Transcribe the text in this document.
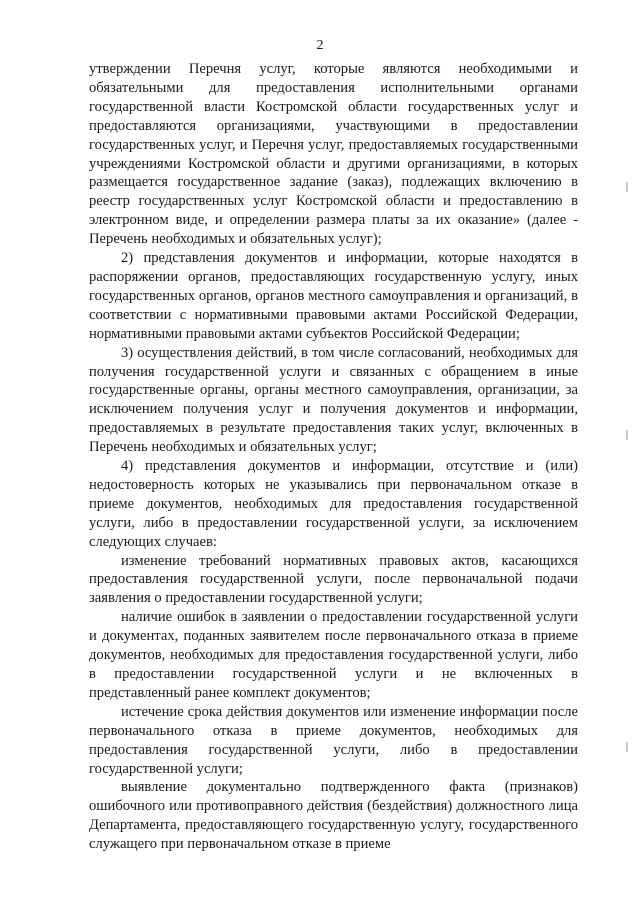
2

утверждении Перечня услуг, которые являются необходимыми и обязательными для предоставления исполнительными органами государственной власти Костромской области государственных услуг и предоставляются организациями, участвующими в предоставлении государственных услуг, и Перечня услуг, предоставляемых государственными учреждениями Костромской области и другими организациями, в которых размещается государственное задание (заказ), подлежащих включению в реестр государственных услуг Костромской области и предоставлению в электронном виде, и определении размера платы за их оказание» (далее - Перечень необходимых и обязательных услуг);

2) представления документов и информации, которые находятся в распоряжении органов, предоставляющих государственную услугу, иных государственных органов, органов местного самоуправления и организаций, в соответствии с нормативными правовыми актами Российской Федерации, нормативными правовыми актами субъектов Российской Федерации;

3) осуществления действий, в том числе согласований, необходимых для получения государственной услуги и связанных с обращением в иные государственные органы, органы местного самоуправления, организации, за исключением получения услуг и получения документов и информации, предоставляемых в результате предоставления таких услуг, включенных в Перечень необходимых и обязательных услуг;

4) представления документов и информации, отсутствие и (или) недостоверность которых не указывались при первоначальном отказе в приеме документов, необходимых для предоставления государственной услуги, либо в предоставлении государственной услуги, за исключением следующих случаев:

изменение требований нормативных правовых актов, касающихся предоставления государственной услуги, после первоначальной подачи заявления о предоставлении государственной услуги;

наличие ошибок в заявлении о предоставлении государственной услуги и документах, поданных заявителем после первоначального отказа в приеме документов, необходимых для предоставления государственной услуги, либо в предоставлении государственной услуги и не включенных в представленный ранее комплект документов;

истечение срока действия документов или изменение информации после первоначального отказа в приеме документов, необходимых для предоставления государственной услуги, либо в предоставлении государственной услуги;

выявление документально подтвержденного факта (признаков) ошибочного или противоправного действия (бездействия) должностного лица Департамента, предоставляющего государственную услугу, государственного служащего при первоначальном отказе в приеме
